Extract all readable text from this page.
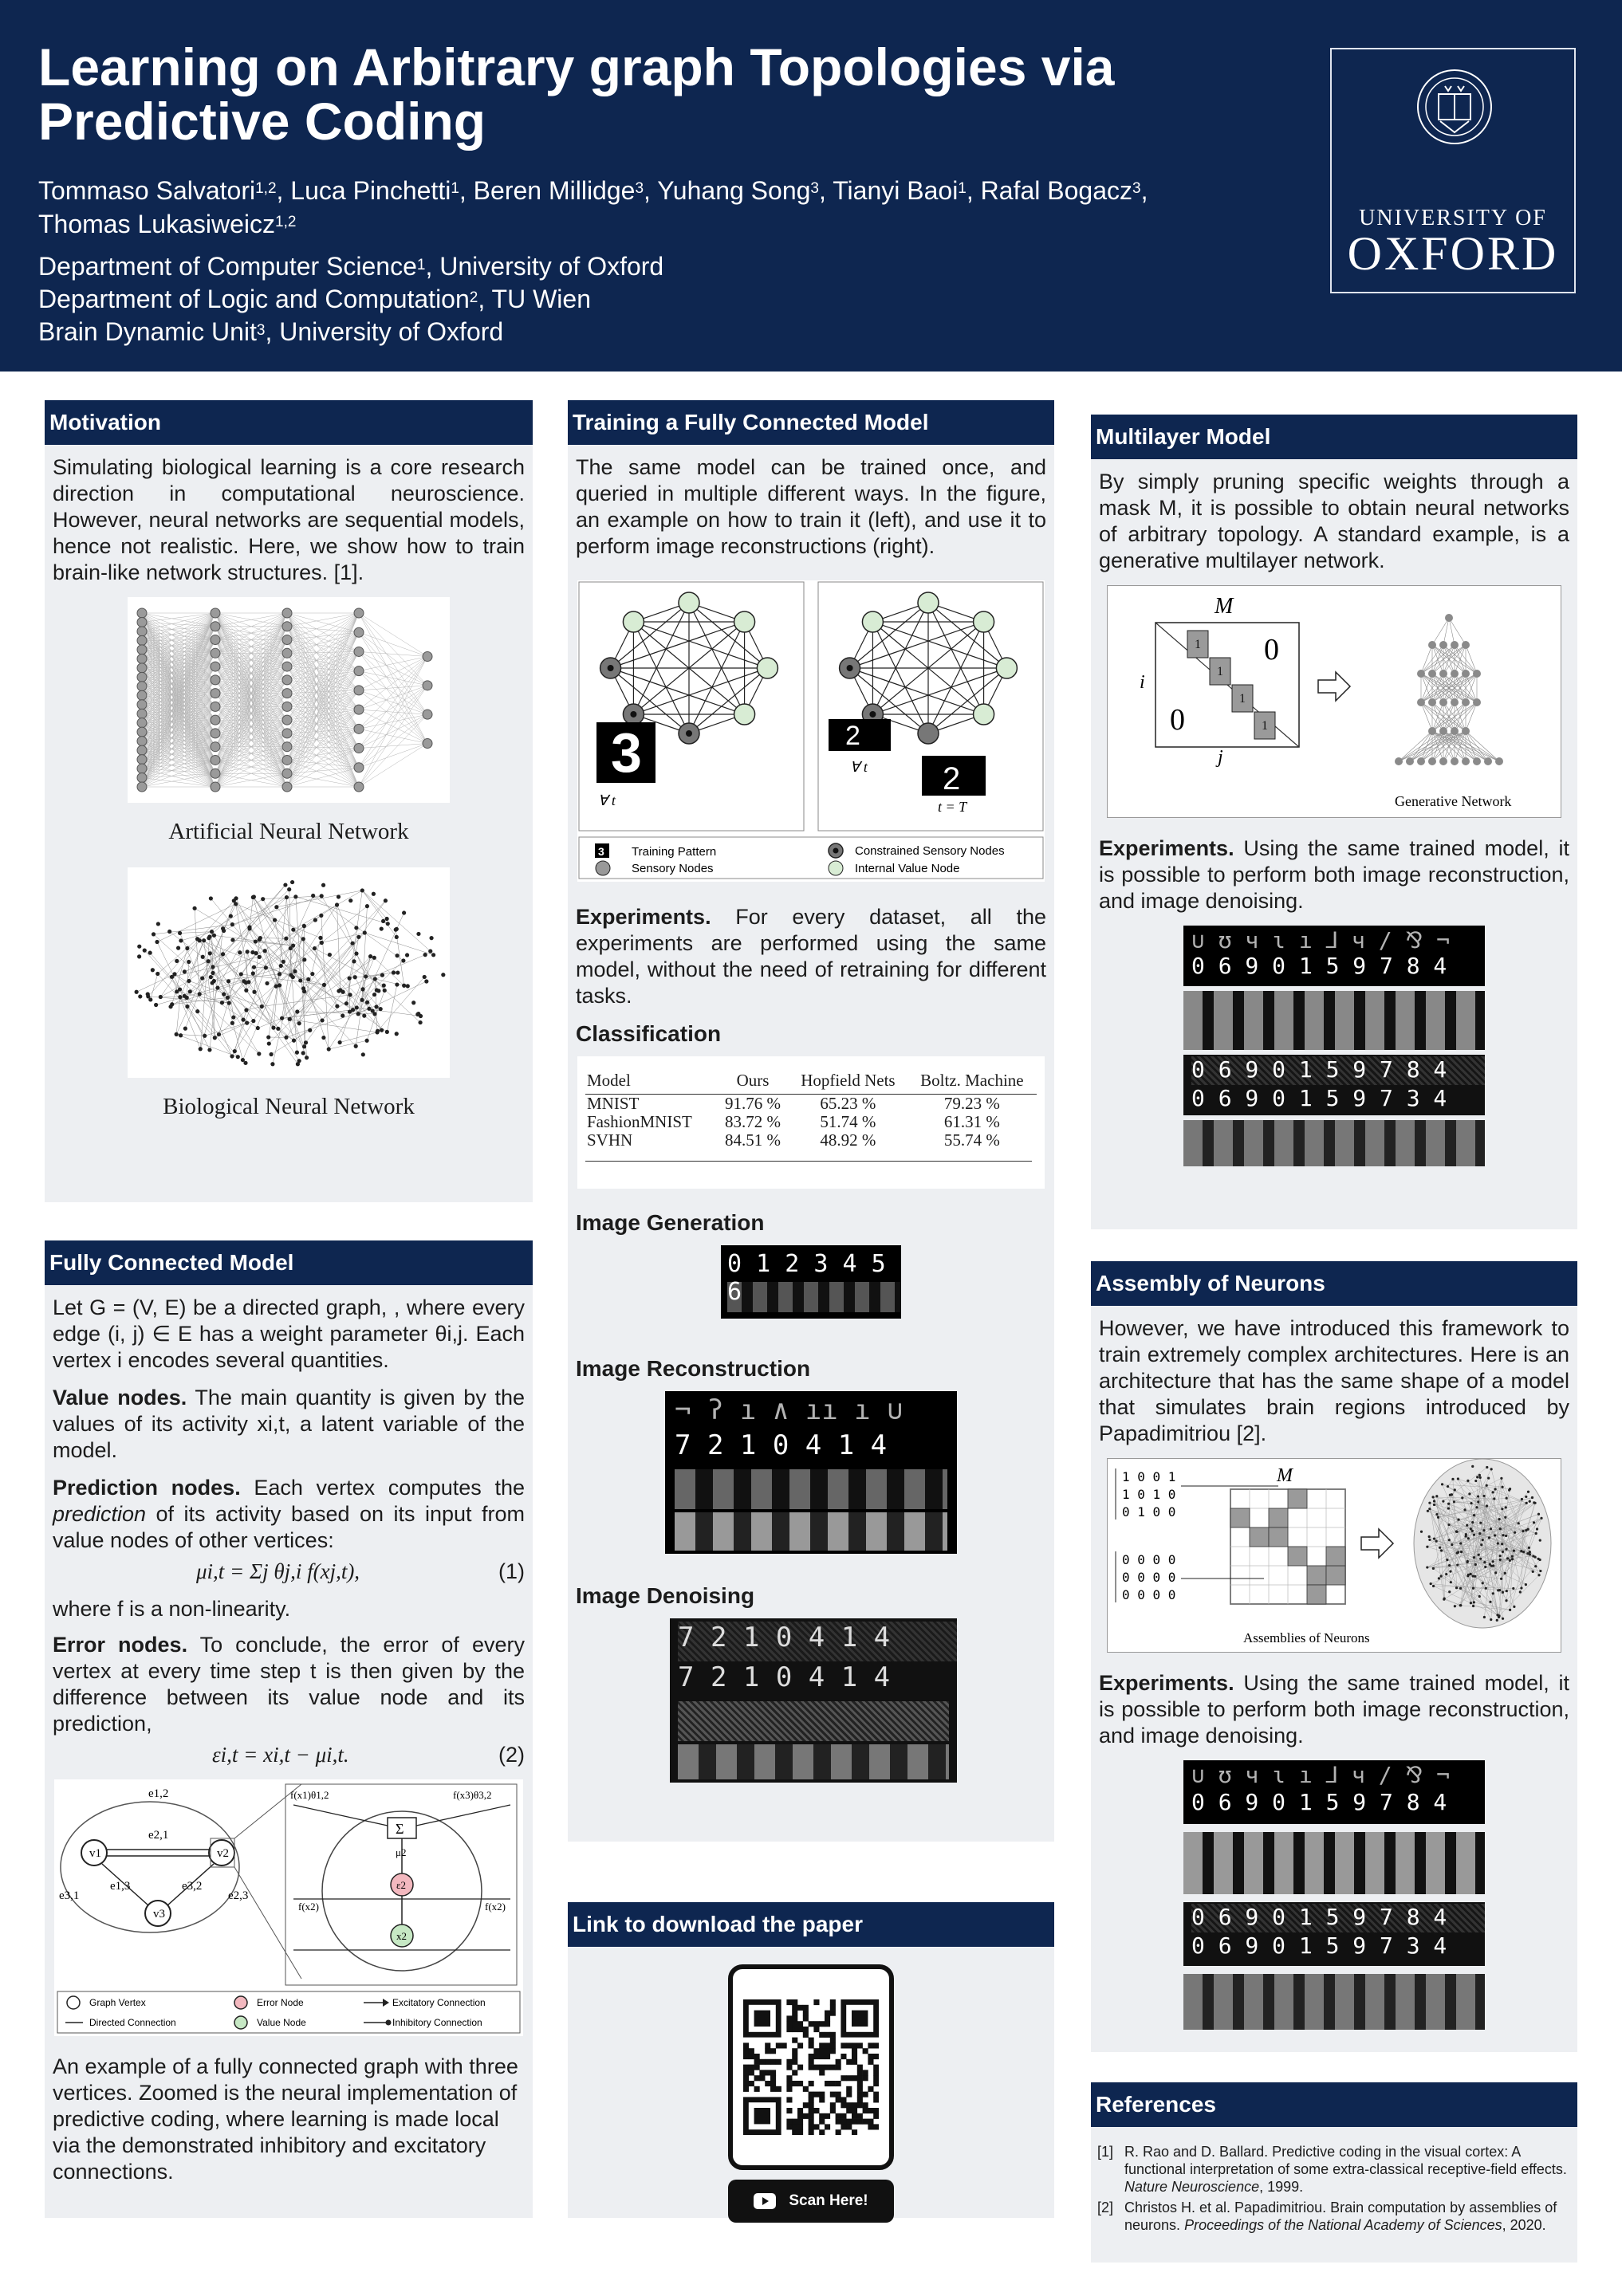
Learning on Arbitrary graph Topologies via Predictive Coding
Tommaso Salvatori$^{1,2}$, Luca Pinchetti$^1$, Beren Millidge$^3$, Yuhang Song$^3$, Tianyi Baoi$^1$, Rafal Bogacz$^3$,
Thomas Lukasiweicz$^{1,2}$
Department of Computer Science$^1$, University of Oxford
Department of Logic and Computation$^2$, TU Wien
Brain Dynamic Unit$^3$, University of Oxford
UNIVERSITY OF
OXFORD
Motivation

Simulating biological learning is a core research direction in computational neuroscience. However, neural networks are sequential models, hence not realistic. Here, we show how to train brain-like network structures. [1].

Artificial Neural Network
Biological Neural Network
Fully Connected Model

Let G = (V, E) be a directed graph, , where every edge (i, j) ∈ E has a weight parameter θi,j. Each vertex i encodes several quantities.

Value nodes. The main quantity is given by the values of its activity xi,t, a latent variable of the model.

Prediction nodes. Each vertex computes the prediction of its activity based on its input from value nodes of other vertices:

μi,t = Σj θj,i f(xj,t),	(1)

where f is a non-linearity.

Error nodes. To conclude, the error of every vertex at every time step t is then given by the difference between its value node and its prediction,

εi,t = xi,t − μi,t.	(2)
v1	v2
v3
e1,2
e2,1
e1,3	e3,2
e3,1	e2,3
Σ
f(x1)θ1,2	f(x3)θ3,2
μ2
ε2
x2
f(x2)	f(x2)
Graph Vertex
Directed Connection
Error Node
Value Node
Excitatory Connection
Inhibitory Connection

An example of a fully connected graph with three vertices. Zoomed is the neural implementation of predictive coding, where learning is made local via the demonstrated inhibitory and excitatory connections.

Training a Fully Connected Model

The same model can be trained once, and queried in multiple different ways. In the figure, an example on how to train it (left), and use it to perform image reconstructions (right).

3	2
2
∀ t
∀ t
t = T
3 Training Pattern
Sensory Nodes
Constrained Sensory Nodes
Internal Value Node

Experiments. For every dataset, all the experiments are performed using the same model, without the need of retraining for different tasks.

Classification
Model	Ours	Hopfield Nets	Boltz. Machine
MNIST	91.76 %	65.23 %	79.23 %
FashionMNIST	83.72 %	51.74 %	61.31 %
SVHN	84.51 %	48.92 %	55.74 %
Image Generation
0 1 2 3 4 5 6
Image Reconstruction
¬ ʔ ı ∧ ıı ı ∪
7 2 1 0 4 1 4
Image Denoising
7 2 1 0 4 1 4
7 2 1 0 4 1 4
Link to download the paper
Scan Here!
Multilayer Model

By simply pruning specific weights through a mask M, it is possible to obtain neural networks of arbitrary topology. A standard example, is a generative multilayer network.

M
i
j
1
1
1
1
0
0
Generative Network

Experiments. Using the same trained model, it is possible to perform both image reconstruction, and image denoising.

∪ ʊ ч ɩ ı ⅃ ч / ⅋ ¬
0 6 9 0 1 5 9 7 8 4
0 6 9 0 1 5 9 7 8 4
0 6 9 0 1 5 9 7 3 4
Assembly of Neurons

However, we have introduced this framework to train extremely complex architectures. Here is an architecture that has the same shape of a model that simulates brain regions introduced by Papadimitriou [2].

1 0 0 1
1 0 1 0
0 1 0 0
0 0 0 0
0 0 0 0
0 0 0 0
M
Assemblies of Neurons

Experiments. Using the same trained model, it is possible to perform both image reconstruction, and image denoising.

∪ ʊ ч ɩ ı ⅃ ч / ⅋ ¬
0 6 9 0 1 5 9 7 8 4
0 6 9 0 1 5 9 7 8 4
0 6 9 0 1 5 9 7 3 4
References
[1] R. Rao and D. Ballard. Predictive coding in the visual cortex: A functional interpretation of some extra-classical receptive-field effects. Nature Neuroscience, 1999.
[2] Christos H. et al. Papadimitriou. Brain computation by assemblies of neurons. Proceedings of the National Academy of Sciences, 2020.
